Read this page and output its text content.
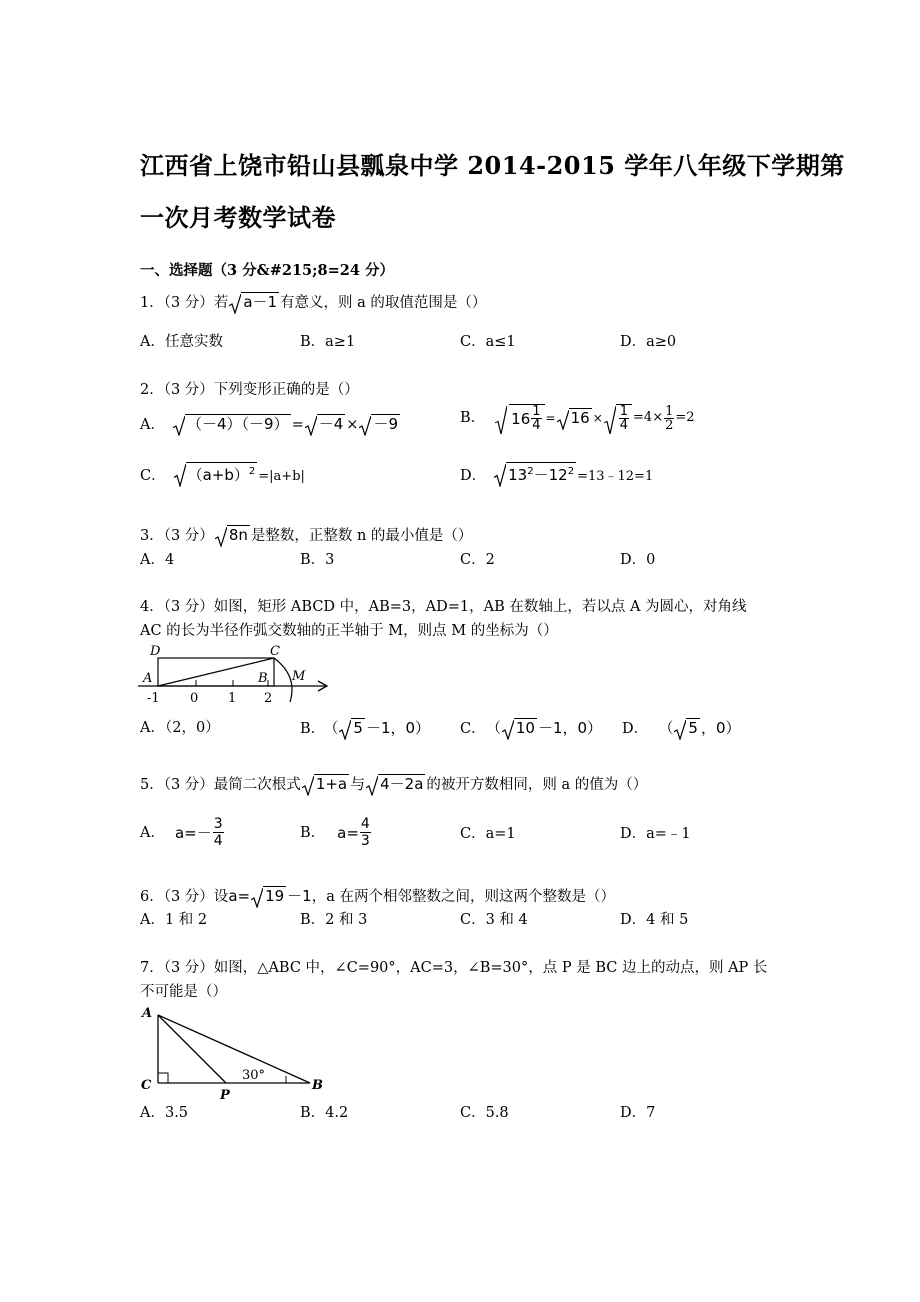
江西省上饶市铅山县瓢泉中学 2014-2015 学年八年级下学期第
一次月考数学试卷
一、选择题（3 分&#215;8=24 分）
1．（3 分）若 a－1 有意义，则 a 的取值范围是（）
A．任意实数	B．a≥1	C．a≤1	D．a≥0
2．（3 分）下列变形正确的是（）
A． （－4）（－9） = －4 × －9	B． $16 \frac{1}{4}$ =	$16 \times \frac{1}{4} =4\times \frac{1}{2} =2$
C． $(a+b)^2 =|a+b|$	D． $13^2-12^2$ =13﹣12=1
3．（3 分） 8n 是整数，正整数 n 的最小值是（）
A．4	B．3	C．2	D．0
4．（3 分）如图，矩形 ABCD 中，AB=3，AD=1，AB 在数轴上，若以点 A 为圆心，对角线
AC 的长为半径作弧交数轴的正半轴于 M，则点 M 的坐标为（）
D	C
A	B M
-1 0 1 2
A．（2，0）	B． （ 5 －1，0） C． （ 10 －1，0） D． （ 5 ，0）
5．（3 分）最简二次根式 1+a 与 4－2a 的被开方数相同，则 a 的值为（）
A． $a=- \frac{3}{4}$	B． $a= \frac{4}{3}$	C．a=1	D．a=﹣1
6．（3 分）设a= 19 －1，a 在两个相邻整数之间，则这两个整数是（）
A．1 和 2	B．2 和 3	C．3 和 4	D．4 和 5
7．（3 分）如图，△ABC 中，∠C=90°，AC=3，∠B=30°，点 P 是 BC 边上的动点，则 AP 长
不可能是（）
A
C
P
B
30°
A．3.5	B．4.2	C．5.8	D．7
